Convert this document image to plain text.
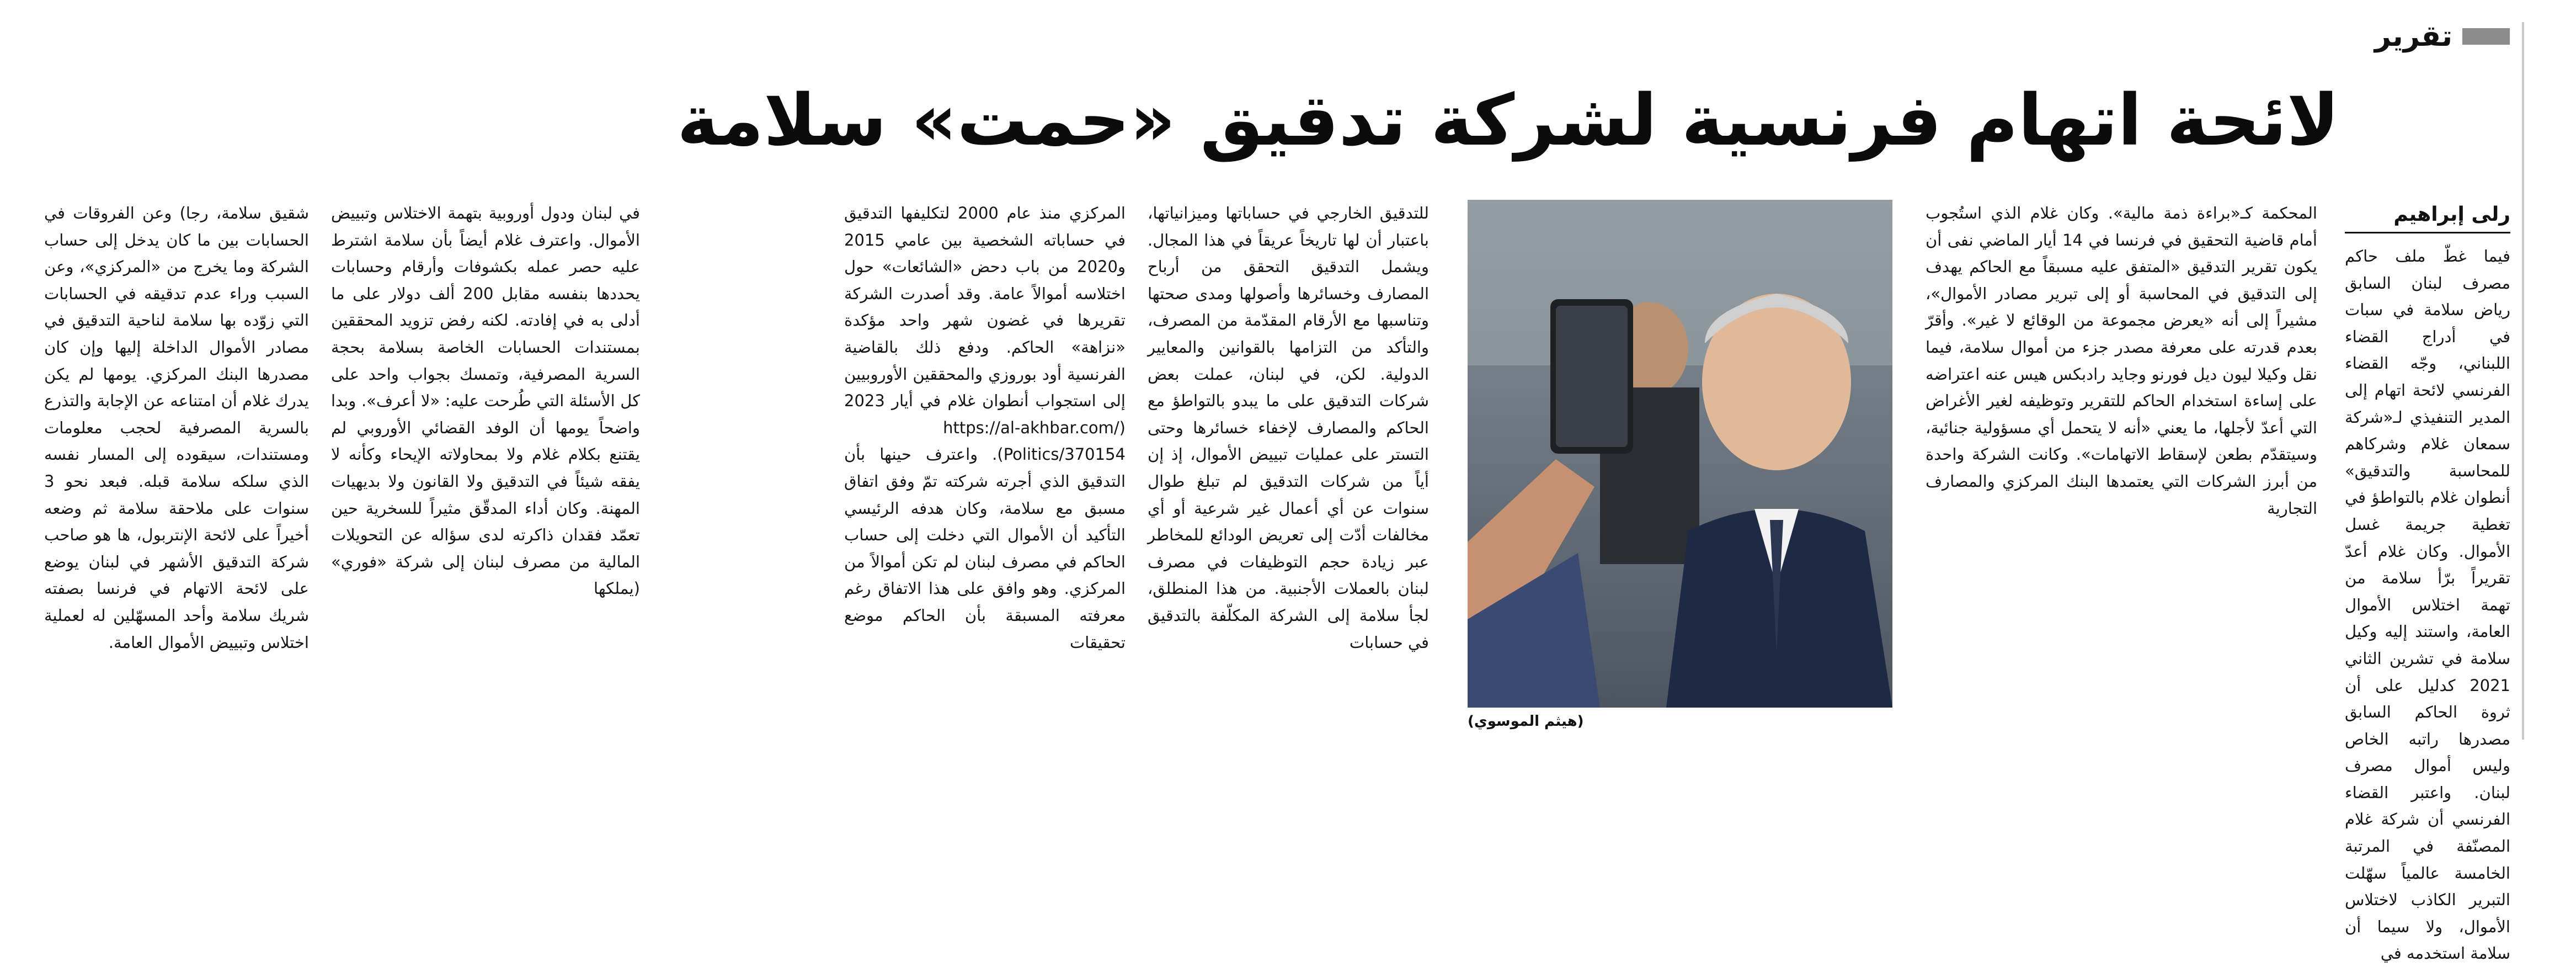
تقرير
لائحة اتهام فرنسية لشركة تدقيق «حمت» سلامة
رلى إبراهيم

فيما غطّ ملف حاكم مصرف لبنان السابق رياض سلامة في سبات في أدراج القضاء اللبناني، وجّه القضاء الفرنسي لائحة اتهام إلى المدير التنفيذي لـ«شركة سمعان غلام وشركاهم للمحاسبة والتدقيق» أنطوان غلام بالتواطؤ في تغطية جريمة غسل الأموال. وكان غلام أعدّ تقريراً برّأ سلامة من تهمة اختلاس الأموال العامة، واستند إليه وكيل سلامة في تشرين الثاني 2021 كدليل على أن ثروة الحاكم السابق مصدرها راتبه الخاص وليس أموال مصرف لبنان. واعتبر القضاء الفرنسي أن شركة غلام المصنّفة في المرتبة الخامسة عالمياً سهّلت التبرير الكاذب لاختلاس الأموال، ولا سيما أن سلامة استخدمه في

المحكمة كـ«براءة ذمة مالية». وكان غلام الذي استُجوب أمام قاضية التحقيق في فرنسا في 14 أيار الماضي نفى أن يكون تقرير التدقيق «المتفق عليه مسبقاً مع الحاكم يهدف إلى التدقيق في المحاسبة أو إلى تبرير مصادر الأموال»، مشيراً إلى أنه «يعرض مجموعة من الوقائع لا غير». وأقرّ بعدم قدرته على معرفة مصدر جزء من أموال سلامة، فيما نقل وكيلا ليون ديل فورنو وجايد رادبكس هيس عنه اعتراضه على إساءة استخدام الحاكم للتقرير وتوظيفه لغير الأغراض التي أعدّ لأجلها، ما يعني «أنه لا يتحمل أي مسؤولية جنائية، وسيتقدّم بطعن لإسقاط الاتهامات». وكانت الشركة واحدة من أبرز الشركات التي يعتمدها البنك المركزي والمصارف التجارية

للتدقيق الخارجي في حساباتها وميزانياتها، باعتبار أن لها تاريخاً عريقاً في هذا المجال. ويشمل التدقيق التحقق من أرباح المصارف وخسائرها وأصولها ومدى صحتها وتناسبها مع الأرقام المقدّمة من المصرف، والتأكد من التزامها بالقوانين والمعايير الدولية. لكن، في لبنان، عملت بعض شركات التدقيق على ما يبدو بالتواطؤ مع الحاكم والمصارف لإخفاء خسائرها وحتى التستر على عمليات تبييض الأموال، إذ إن أياً من شركات التدقيق لم تبلغ طوال سنوات عن أي أعمال غير شرعية أو أي مخالفات أدّت إلى تعريض الودائع للمخاطر عبر زيادة حجم التوظيفات في مصرف لبنان بالعملات الأجنبية. من هذا المنطلق، لجأ سلامة إلى الشركة المكلّفة بالتدقيق في حسابات

المركزي منذ عام 2000 لتكليفها التدقيق في حساباته الشخصية بين عامي 2015 و2020 من باب دحض «الشائعات» حول اختلاسه أموالاً عامة. وقد أصدرت الشركة تقريرها في غضون شهر واحد مؤكدة «نزاهة» الحاكم. ودفع ذلك بالقاضية الفرنسية أود بوروزي والمحققين الأوروبيين إلى استجواب أنطوان غلام في أيار 2023 https://al-akhbar.com/) Politics/370154). واعترف حينها بأن التدقيق الذي أجرته شركته تمّ وفق اتفاق مسبق مع سلامة، وكان هدفه الرئيسي التأكيد أن الأموال التي دخلت إلى حساب الحاكم في مصرف لبنان لم تكن أموالاً من المركزي. وهو وافق على هذا الاتفاق رغم معرفته المسبقة بأن الحاكم موضع تحقيقات

في لبنان ودول أوروبية بتهمة الاختلاس وتبييض الأموال. واعترف غلام أيضاً بأن سلامة اشترط عليه حصر عمله بكشوفات وأرقام وحسابات يحددها بنفسه مقابل 200 ألف دولار على ما أدلى به في إفادته. لكنه رفض تزويد المحققين بمستندات الحسابات الخاصة بسلامة بحجة السرية المصرفية، وتمسك بجواب واحد على كل الأسئلة التي طُرحت عليه: «لا أعرف». وبدا واضحاً يومها أن الوفد القضائي الأوروبي لم يقتنع بكلام غلام ولا بمحاولاته الإيحاء وكأنه لا يفقه شيئاً في التدقيق ولا القانون ولا بديهيات المهنة. وكان أداء المدقّق مثيراً للسخرية حين تعمّد فقدان ذاكرته لدى سؤاله عن التحويلات المالية من مصرف لبنان إلى شركة «فوري» (يملكها

شقيق سلامة، رجا) وعن الفروقات في الحسابات بين ما كان يدخل إلى حساب الشركة وما يخرج من «المركزي»، وعن السبب وراء عدم تدقيقه في الحسابات التي زوّده بها سلامة لناحية التدقيق في مصادر الأموال الداخلة إليها وإن كان مصدرها البنك المركزي. يومها لم يكن يدرك غلام أن امتناعه عن الإجابة والتذرع بالسرية المصرفية لحجب معلومات ومستندات، سيقوده إلى المسار نفسه الذي سلكه سلامة قبله. فبعد نحو 3 سنوات على ملاحقة سلامة ثم وضعه أخيراً على لائحة الإنتربول، ها هو صاحب شركة التدقيق الأشهر في لبنان يوضع على لائحة الاتهام في فرنسا بصفته شريك سلامة وأحد المسهّلين له لعملية اختلاس وتبييض الأموال العامة.

(هيثم الموسوي)
